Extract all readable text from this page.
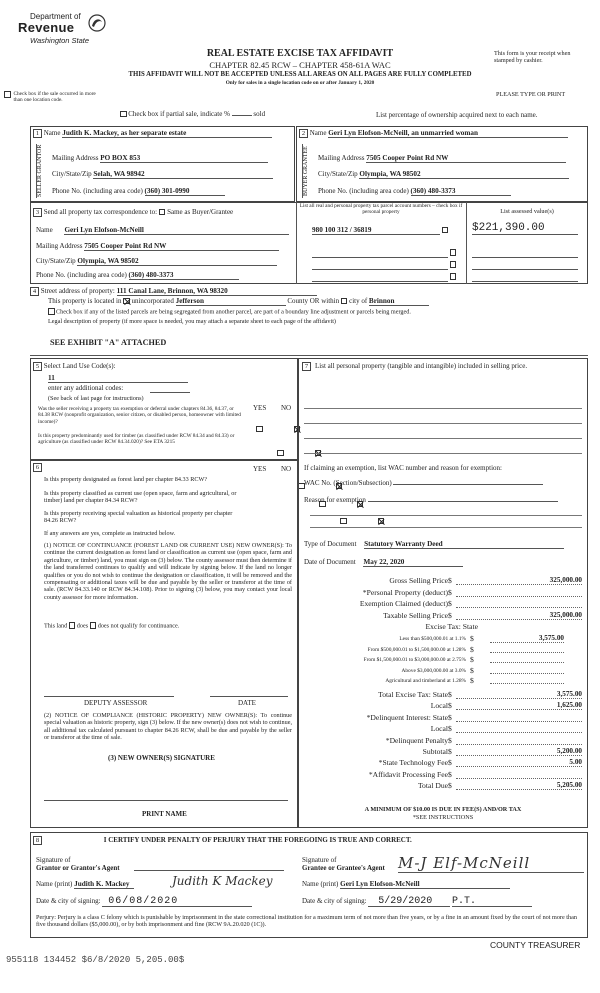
Department of
Revenue
Washington State
REAL ESTATE EXCISE TAX AFFIDAVIT
CHAPTER 82.45 RCW – CHAPTER 458-61A WAC
THIS AFFIDAVIT WILL NOT BE ACCEPTED UNLESS ALL AREAS ON ALL PAGES ARE FULLY COMPLETED
Only for sales in a single location code on or after January 1, 2020
This form is your receipt when stamped by cashier.
PLEASE TYPE OR PRINT
Check box if the sale occurred in more than one location code.
Check box if partial sale, indicate %	sold	List percentage of ownership acquired next to each name.
1 Name Judith K. Mackey, as her separate estate
SELLER GRANTOR	Mailing Address PO BOX 853
City/State/Zip Selah, WA 98942
Phone No. (including area code) (360) 301-0990
2 Name Geri Lyn Elofson-McNeill, an unmarried woman
BUYER GRANTEE	Mailing Address 7505 Cooper Point Rd NW
City/State/Zip Olympia, WA 98502
Phone No. (including area code) (360) 480-3373
3 Send all property tax correspondence to: Same as Buyer/Grantee
Name Geri Lyn Elofson-McNeill
Mailing Address 7505 Cooper Point Rd NW
City/State/Zip Olympia, WA 98502
Phone No. (including area code) (360) 480-3373
List all real and personal property tax parcel account numbers – check box if personal property	List assessed value(s)
980 100 312 / 36819	$221,390.00
4 Street address of property: 111 Canal Lane, Brinnon, WA 98320
This property is located in unincorporated Jefferson	County OR within city of Brinnon
Check box if any of the listed parcels are being segregated from another parcel, are part of a boundary line adjustment or parcels being merged.
Legal description of property (if more space is needed, you may attach a separate sheet to each page of the affidavit)
SEE EXHIBIT "A" ATTACHED
5 Select Land Use Code(s):
11
enter any additional codes:
(See back of last page for instructions)
YES NO
Was the seller receiving a property tax exemption or deferral under chapters 84.36, 84.37, or 84.38 RCW (nonprofit organization, senior citizen, or disabled person, homeowner with limited income)?

Is this property predominantly used for timber (as classified under RCW 84.34 and 84.33) or agriculture (as classified under RCW 84.34.020)? See ETA 3215

6	YES NO
Is this property designated as forest land per chapter 84.33 RCW?

Is this property classified as current use (open space, farm and agricultural, or timber) land per chapter 84.34 RCW?

Is this property receiving special valuation as historical property per chapter 84.26 RCW?

If any answers are yes, complete as instructed below.
(1) NOTICE OF CONTINUANCE (FOREST LAND OR CURRENT USE) NEW OWNER(S): To continue the current designation as forest land or classification as current use (open space, farm and agriculture, or timber) land, you must sign on (3) below. The county assessor must then determine if the land transferred continues to qualify and will indicate by signing below. If the land no longer qualifies or you do not wish to continue the designation or classification, it will be removed and the compensating or additional taxes will be due and payable by the seller or transferor at the time of sale. (RCW 84.33.140 or RCW 84.34.108). Prior to signing (3) below, you may contact your local county assessor for more information.
This land does does not qualify for continuance.
DEPUTY ASSESSOR	DATE
(2) NOTICE OF COMPLIANCE (HISTORIC PROPERTY) NEW OWNER(S): To continue special valuation as historic property, sign (3) below. If the new owner(s) does not wish to continue, all additional tax calculated pursuant to chapter 84.26 RCW, shall be due and payable by the seller or transferor at the time of sale.
(3) NEW OWNER(S) SIGNATURE
PRINT NAME
7 List all personal property (tangible and intangible) included in selling price.
If claiming an exemption, list WAC number and reason for exemption:
WAC No. (Section/Subsection)
Reason for exemption
Type of Document Statutory Warranty Deed
Date of Document May 22, 2020
Gross Selling Price $	325,000.00
*Personal Property (deduct) $
Exemption Claimed (deduct) $
Taxable Selling Price $	325,000.00
Excise Tax: State
Less than $500,000.01 at 1.1% $	3,575.00
From $500,000.01 to $1,500,000.00 at 1.28% $
From $1,500,000.01 to $3,000,000.00 at 2.75% $
Above $3,000,000.00 at 3.0% $
Agricultural and timberland at 1.28% $
Total Excise Tax: State $	3,575.00
Local $	1,625.00
*Delinquent Interest: State $
Local $
*Delinquent Penalty $
Subtotal $	5,200.00
*State Technology Fee $	5.00
*Affidavit Processing Fee $
Total Due $	5,205.00
A MINIMUM OF $10.00 IS DUE IN FEE(S) AND/OR TAX
*SEE INSTRUCTIONS
8	I CERTIFY UNDER PENALTY OF PERJURY THAT THE FOREGOING IS TRUE AND CORRECT.
Signature of
Grantor or Grantor's Agent
Signature of
Grantee or Grantee's Agent M-J Elf-McNeill
Name (print) Judith K. Mackey	Judith K Mackey	Name (print) Geri Lyn Elofson-McNeill
Date & city of signing: 06/08/2020	Date & city of signing: 5/29/2020 P.T.
Perjury: Perjury is a class C felony which is punishable by imprisonment in the state correctional institution for a maximum term of not more than five years, or by a fine in an amount fixed by the court of not more than five thousand dollars ($5,000.00), or by both imprisonment and fine (RCW 9A.20.020 (1C)).
955118 134452 $6/8/2020 5,205.00$
COUNTY TREASURER
